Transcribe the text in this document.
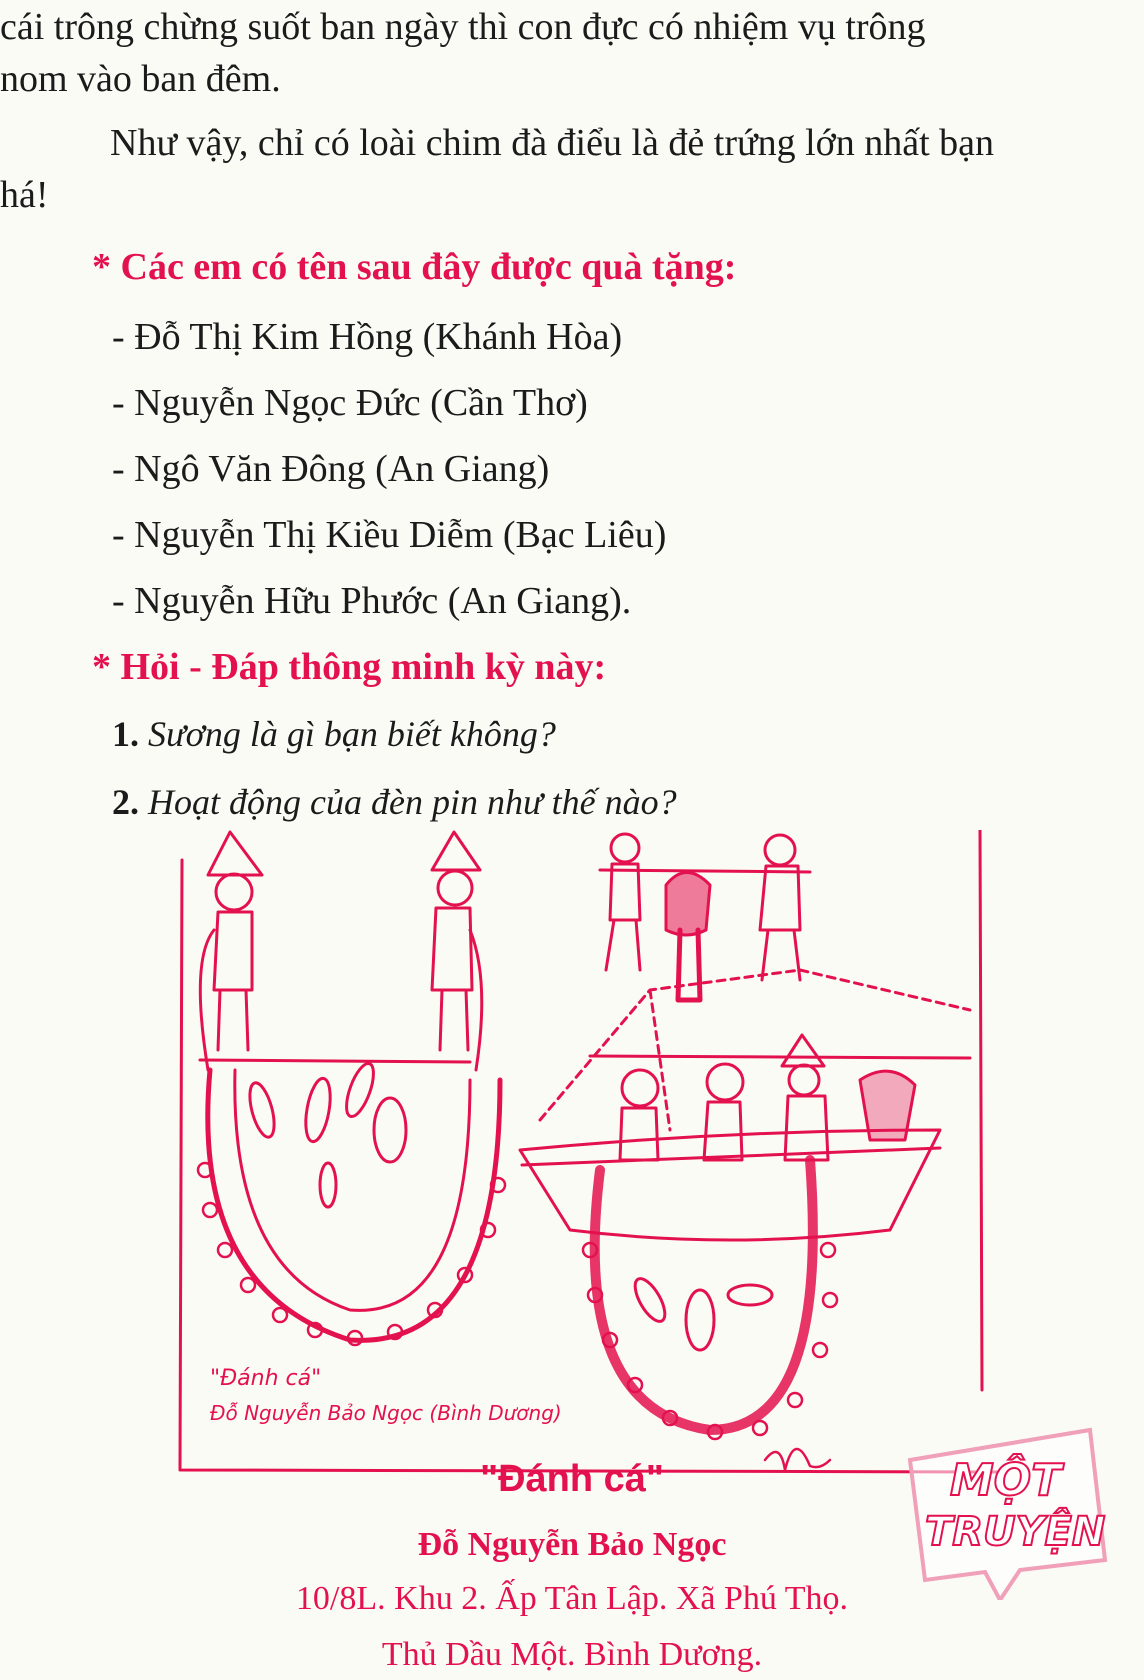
cái trông chừng suốt ban ngày thì con đực có nhiệm vụ trông
nom vào ban đêm.
Như vậy, chỉ có loài chim đà điểu là đẻ trứng lớn nhất bạn
há!
* Các em có tên sau đây được quà tặng:
- Đỗ Thị Kim Hồng (Khánh Hòa)
- Nguyễn Ngọc Đức (Cần Thơ)
- Ngô Văn Đông (An Giang)
- Nguyễn Thị Kiều Diễm (Bạc Liêu)
- Nguyễn Hữu Phước (An Giang).
* Hỏi - Đáp thông minh kỳ này:
1. Sương là gì bạn biết không?
2. Hoạt động của đèn pin như thế nào?
"Đánh cá"
Đỗ Nguyễn Bảo Ngọc (Bình Dương)
"Đánh cá"
Đỗ Nguyễn Bảo Ngọc
10/8L. Khu 2. Ấp Tân Lập. Xã Phú Thọ.
Thủ Dầu Một. Bình Dương.
MỘT
TRUYỆN
